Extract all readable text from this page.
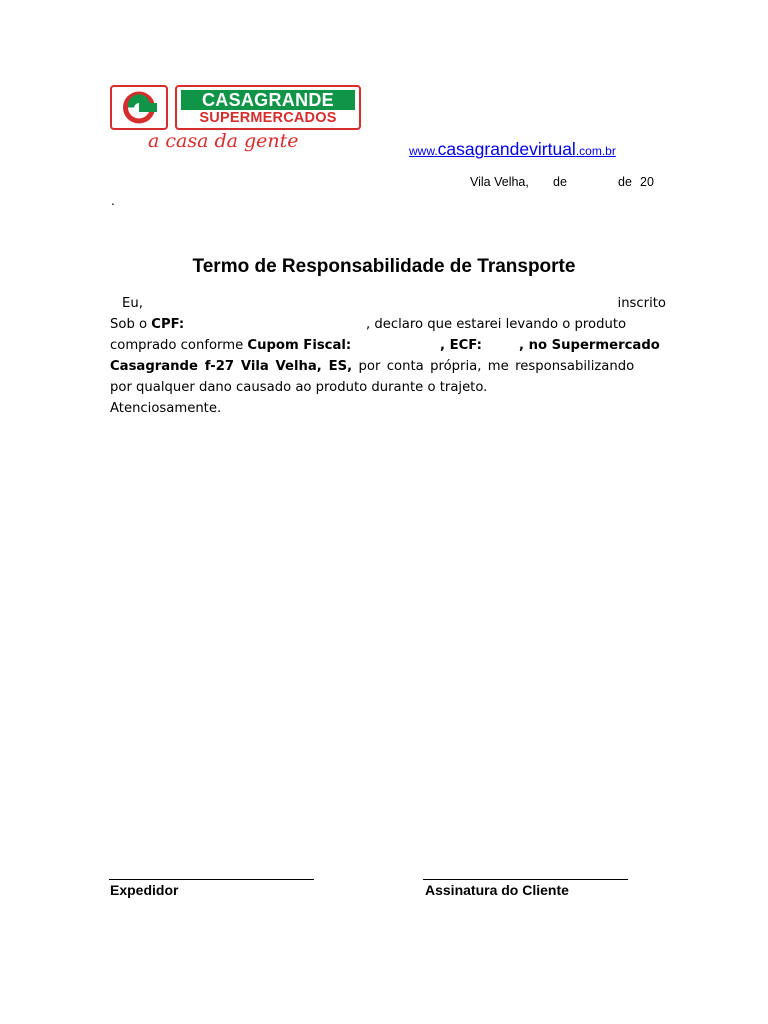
CASAGRANDE
SUPERMERCADOS
a casa da gente	www.casagrandevirtual.com.br
Vila Velha, de	de 20
.
Termo de Responsabilidade de Transporte
Eu,	inscrito
Sob o CPF:	, declaro que estarei levando o produto
comprado conforme Cupom Fiscal:	, ECF:	, no Supermercado
Casagrande f-27 Vila Velha, ES, por conta própria, me responsabilizando
por qualquer dano causado ao produto durante o trajeto.
Atenciosamente.
Expedidor	Assinatura do Cliente
